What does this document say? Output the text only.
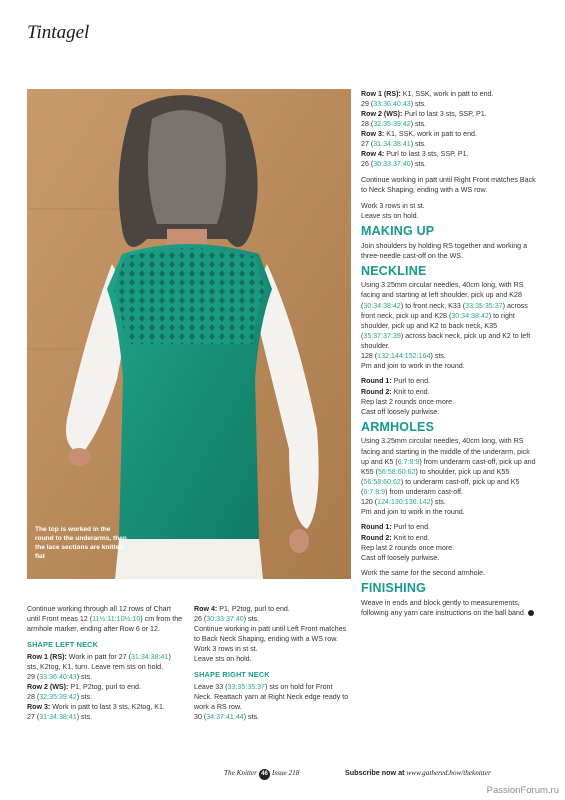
Tintagel
The top is worked in the round to the underarms, then the lace sections are knitted flat

Continue working through all 12 rows of Chart until Front meas 12 (11½:11:10½:10) cm from the armhole marker, ending after Row 6 or 12.

SHAPE LEFT NECK

Row 1 (RS): Work in patt for 27 (31:34:38:41) sts, K2tog, K1, turn. Leave rem sts on hold.

29 (33:36:40:43) sts.

Row 2 (WS): P1, P2tog, purl to end.

28 (32:35:39:42) sts.

Row 3: Work in patt to last 3 sts, K2tog, K1.

27 (31:34:38:41) sts.

Row 4: P1, P2tog, purl to end.

26 (30:33:37:40) sts.

Continue working in patt until Left Front matches to Back Neck Shaping, ending with a WS row.

Work 3 rows in st st.

Leave sts on hold.

SHAPE RIGHT NECK

Leave 33 (33:35:35:37) sts on hold for Front Neck. Reattach yarn at Right Neck edge ready to work a RS row.

30 (34:37:41:44) sts.

Row 1 (RS): K1, SSK, work in patt to end.

29 (33:36:40:43) sts.

Row 2 (WS): Purl to last 3 sts, SSP, P1.

28 (32:35:39:42) sts.

Row 3: K1, SSK, work in patt to end.

27 (31:34:38:41) sts.

Row 4: Purl to last 3 sts, SSP, P1.

26 (30:33:37:40) sts.

Continue working in patt until Right Front matches Back to Neck Shaping, ending with a WS row.

Work 3 rows in st st.

Leave sts on hold.

MAKING UP

Join shoulders by holding RS together and working a three-needle cast-off on the WS.

NECKLINE

Using 3.25mm circular needles, 40cm long, with RS facing and starting at left shoulder, pick up and K28 (30:34:38:42) to front neck, K33 (33:35:35:37) across front neck, pick up and K28 (30:34:38:42) to right shoulder, pick up and K2 to back neck, K35 (35:37:37:39) across back neck, pick up and K2 to left shoulder.

128 (132:144:152:164) sts.

Pm and join to work in the round.

Round 1: Purl to end.

Round 2: Knit to end.

Rep last 2 rounds once more.

Cast off loosely purlwise.

ARMHOLES

Using 3.25mm circular needles, 40cm long, with RS facing and starting in the middle of the underarm, pick up and K5 (6:7:8:9) from underarm cast-off, pick up and K55 (56:58:60:62) to shoulder, pick up and K55 (56:58:60:62) to underarm cast-off, pick up and K5 (6:7:8:9) from underarm cast-off.

120 (124:130:136:142) sts.

Pm and join to work in the round.

Round 1: Purl to end.

Round 2: Knit to end.

Rep last 2 rounds once more.

Cast off loosely purlwise.

Work the same for the second armhole.

FINISHING

Weave in ends and block gently to measurements, following any yarn care instructions on the ball band.

The Knitter 46 Issue 218	Subscribe now at www.gathered.how/theknitter
PassionForum.ru
